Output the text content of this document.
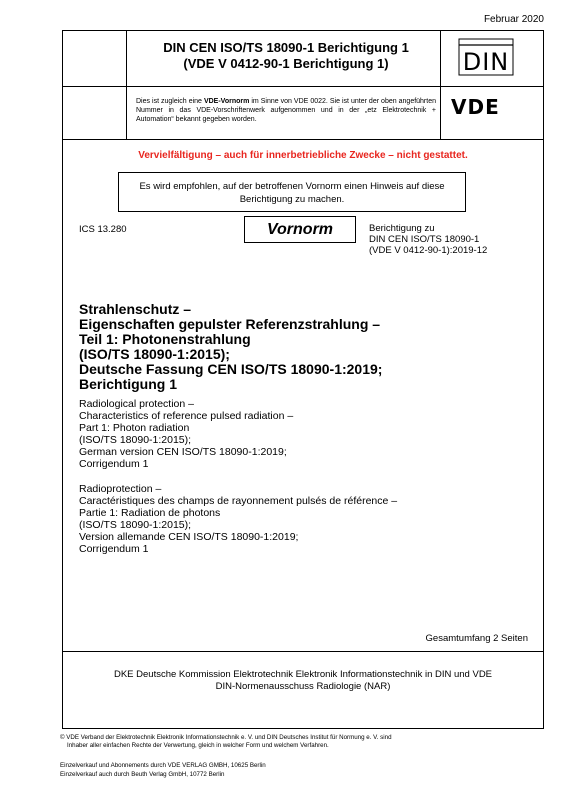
Februar 2020
DIN CEN ISO/TS 18090-1 Berichtigung 1
(VDE V 0412-90-1 Berichtigung 1)	DIN
Dies ist zugleich eine VDE-Vornorm im Sinne von VDE 0022. Sie ist unter der oben angeführten Nummer in das VDE-Vorschriftenwerk aufgenommen und in der „etz Elektrotechnik + Automation“ bekannt gegeben worden.
VDE
Vervielfältigung – auch für innerbetriebliche Zwecke – nicht gestattet.
Es wird empfohlen, auf der betroffenen Vornorm einen Hinweis auf diese
Berichtigung zu machen.
ICS 13.280	Vornorm	Berichtigung zu
DIN CEN ISO/TS 18090-1
(VDE V 0412-90-1):2019-12
Strahlenschutz –
Eigenschaften gepulster Referenzstrahlung –
Teil 1: Photonenstrahlung
(ISO/TS 18090-1:2015);
Deutsche Fassung CEN ISO/TS 18090-1:2019;
Berichtigung 1
Radiological protection –
Characteristics of reference pulsed radiation –
Part 1: Photon radiation
(ISO/TS 18090-1:2015);
German version CEN ISO/TS 18090-1:2019;
Corrigendum 1
Radioprotection –
Caractéristiques des champs de rayonnement pulsés de référence –
Partie 1: Radiation de photons
(ISO/TS 18090-1:2015);
Version allemande CEN ISO/TS 18090-1:2019;
Corrigendum 1
Gesamtumfang 2 Seiten
DKE Deutsche Kommission Elektrotechnik Elektronik Informationstechnik in DIN und VDE
DIN-Normenausschuss Radiologie (NAR)
© VDE Verband der Elektrotechnik Elektronik Informationstechnik e. V. und DIN Deutsches Institut für Normung e. V. sind
Inhaber aller einfachen Rechte der Verwertung, gleich in welcher Form und welchem Verfahren.
Einzelverkauf und Abonnements durch VDE VERLAG GMBH, 10625 Berlin
Einzelverkauf auch durch Beuth Verlag GmbH, 10772 Berlin
